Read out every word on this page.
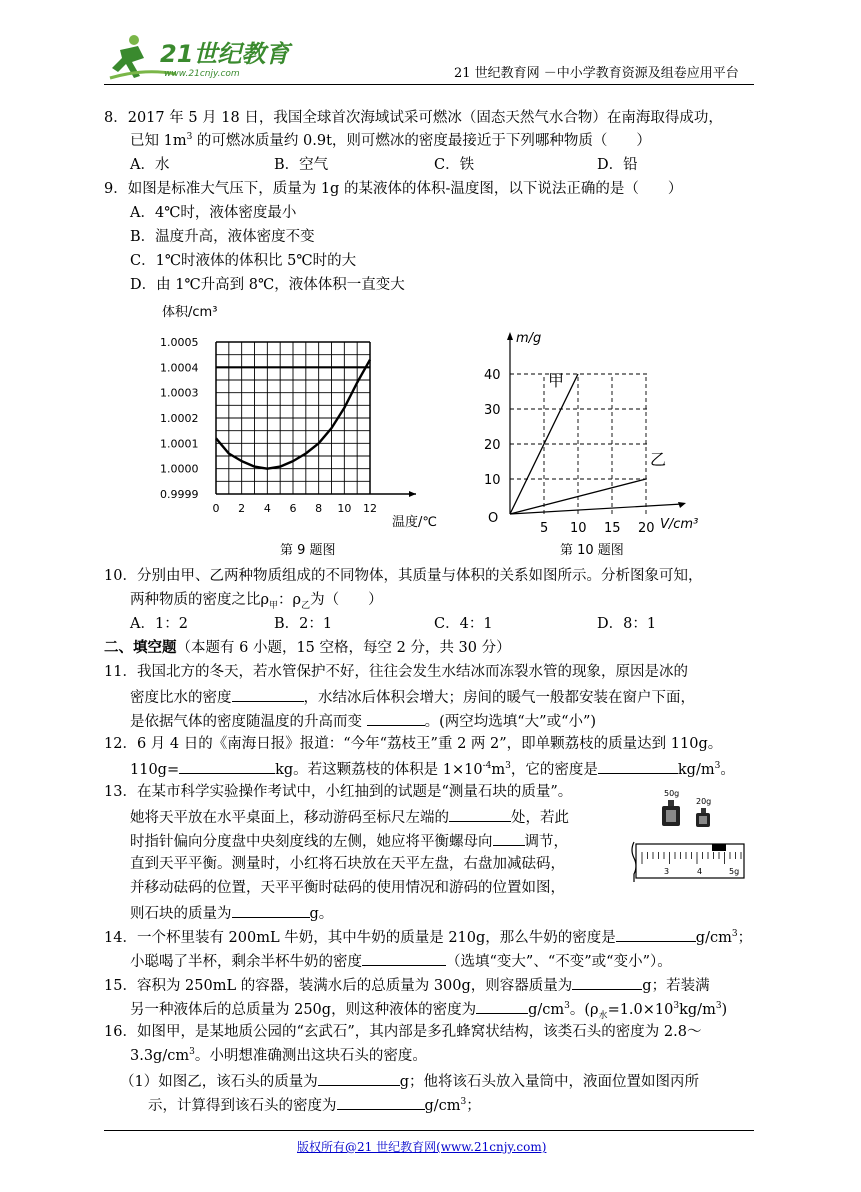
21世纪教育
www.21cnjy.com	21 世纪教育网 －中小学教育资源及组卷应用平台
8．2017 年 5 月 18 日，我国全球首次海域试采可燃冰（固态天然气水合物）在南海取得成功，
已知 $1m^3$ 的可燃冰质量约 0.9t，则可燃冰的密度最接近于下列哪种物质（　　）
A．水	B．空气	C．铁	D．铅
9．如图是标准大气压下，质量为 1g 的某液体的体积-温度图，以下说法正确的是（　　）
A．4℃时，液体密度最小
B．温度升高，液体密度不变
C．1℃时液体的体积比 5℃时的大
D．由 1℃升高到 8℃，液体体积一直变大
体积/cm³
温度/℃
第 9 题图
0.9999
1.0000
1.0001
1.0002
1.0003
1.0004
1.0005
0 2 4 6 8 10 12
第 10 题图
10
20
30
40
5 10 15 20
O
m/g
V/cm³
甲
乙
10．分别由甲、乙两种物质组成的不同物体，其质量与体积的关系如图所示。分析图象可知，
两种物质的密度之比$\rho_甲$：$\rho_乙$为（　　）
A．1：2	B．2：1	C．4：1	D．8：1
二、填空题（本题有 6 小题，15 空格，每空 2 分，共 30 分）
11．我国北方的冬天，若水管保护不好，往往会发生水结冰而冻裂水管的现象，原因是冰的
密度比水的密度	，水结冰后体积会增大；房间的暖气一般都安装在窗户下面，
是依据气体的密度随温度的升高而变	。(两空均选填“大”或“小”)
12．6 月 4 日的《南海日报》报道：“今年“荔枝王”重 2 两 2”，即单颗荔枝的质量达到 110g。
110g=	kg。若这颗荔枝的体积是 $1\times 10^{-4}m^3$，它的密度是	$kg/m^3$。
13．在某市科学实验操作考试中，小红抽到的试题是“测量石块的质量”。
她将天平放在水平桌面上，移动游码至标尺左端的	处，若此
时指针偏向分度盘中央刻度线的左侧，她应将平衡螺母向 调节，
直到天平平衡。测量时，小红将石块放在天平左盘，右盘加减砝码，
并移动砝码的位置，天平平衡时砝码的使用情况和游码的位置如图，
则石块的质量为	g。
50g
20g
3	4	5g
14．一个杯里装有 200mL 牛奶，其中牛奶的质量是 210g，那么牛奶的密度是	$g/cm^3$；
小聪喝了半杯，剩余半杯牛奶的密度	（选填“变大”、“不变”或“变小”）。
15．容积为 250mL 的容器，装满水后的总质量为 300g，则容器质量为	g；若装满
另一种液体后的总质量为 250g，则这种液体的密度为	$g/cm^3$。$(\rho_水=1.0\times 10^3kg/m^3)$
16．如图甲，是某地质公园的“玄武石”，其内部是多孔蜂窝状结构，该类石头的密度为 2.8～
$3.3g/cm^3$。小明想准确测出这块石头的密度。
（1）如图乙，该石头的质量为	g；他将该石头放入量筒中，液面位置如图丙所
示，计算得到该石头的密度为	$g/cm^3$；
版权所有@21 世纪教育网(www.21cnjy.com)
